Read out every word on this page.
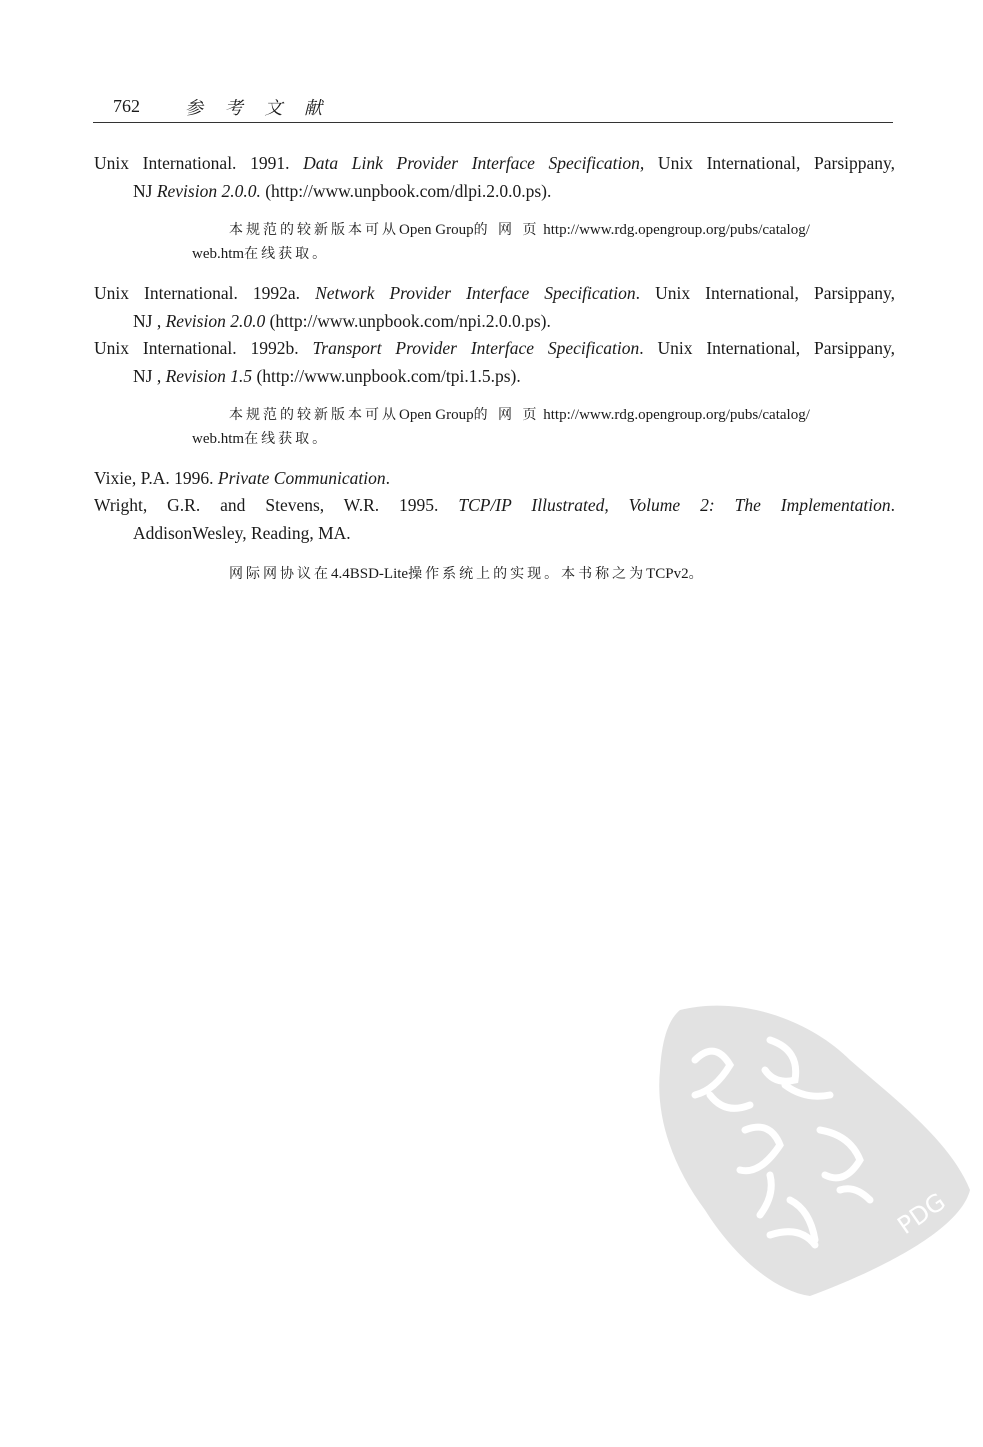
762	参 考 文 献
Unix International. 1991. Data Link Provider Interface Specification, Unix International, Parsippany,
NJ Revision 2.0.0. (http://www.unpbook.com/dlpi.2.0.0.ps).
本规范的较新版本可从Open Group的 网 页 http://www.rdg.opengroup.org/pubs/catalog/
web.htm在线获取。
Unix International. 1992a. Network Provider Interface Specification. Unix International, Parsippany,
NJ , Revision 2.0.0 (http://www.unpbook.com/npi.2.0.0.ps).
Unix International. 1992b. Transport Provider Interface Specification. Unix International, Parsippany,
NJ , Revision 1.5 (http://www.unpbook.com/tpi.1.5.ps).
本规范的较新版本可从Open Group的 网 页 http://www.rdg.opengroup.org/pubs/catalog/
web.htm在线获取。
Vixie, P.A. 1996. Private Communication.
Wright, G.R. and Stevens, W.R. 1995. TCP/IP Illustrated, Volume 2: The Implementation.
AddisonWesley, Reading, MA.
网际网协议在4.4BSD-Lite操作系统上的实现。本书称之为TCPv2。
PDG
